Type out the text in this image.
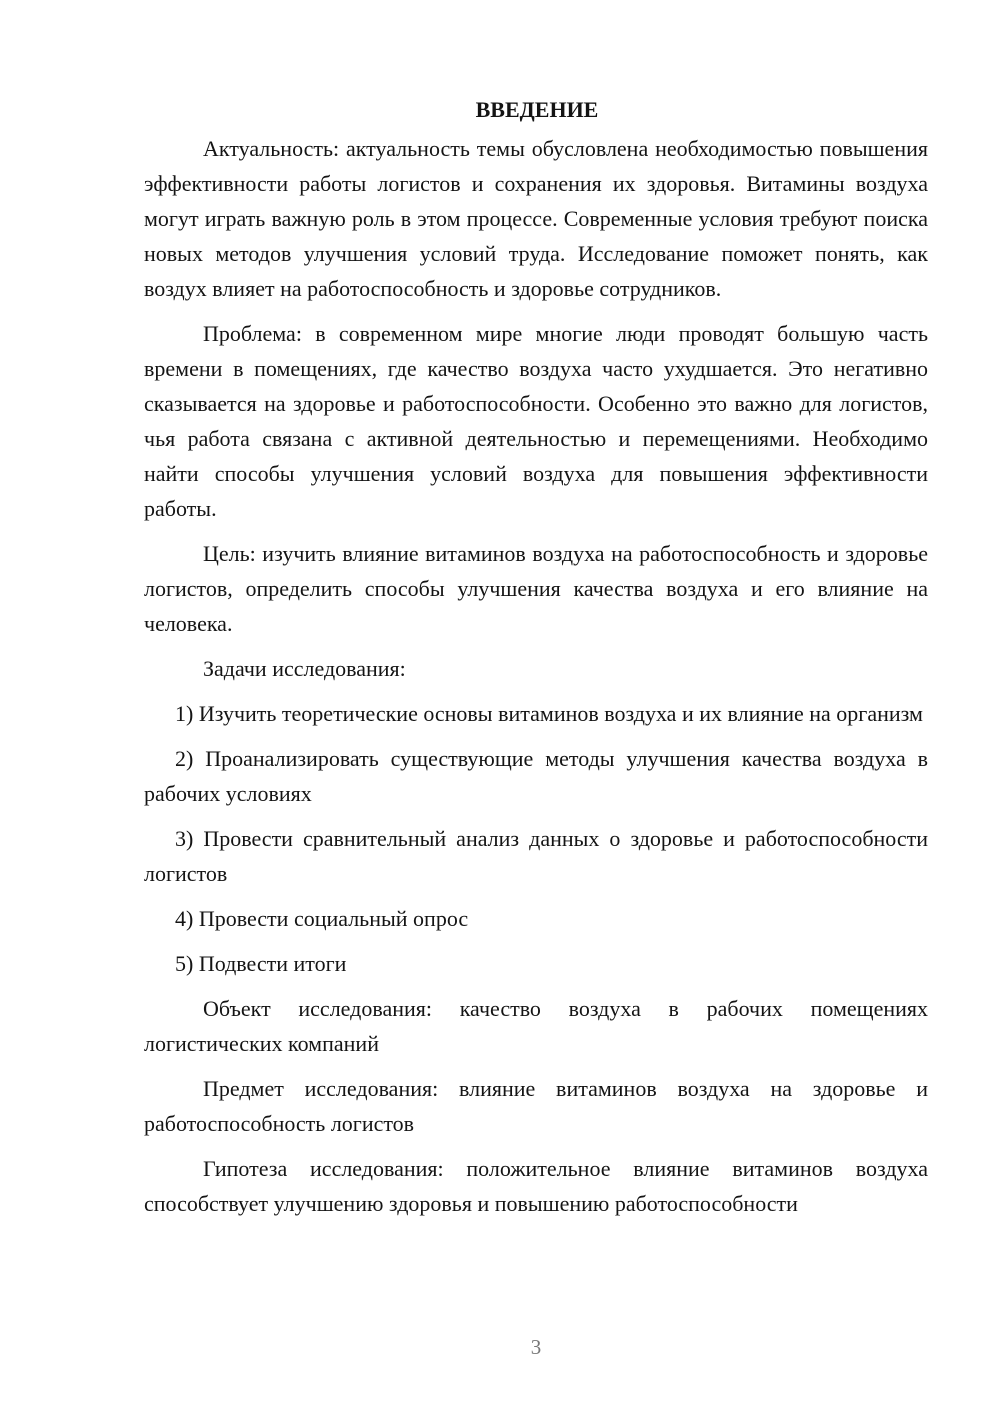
ВВЕДЕНИЕ

Актуальность: актуальность темы обусловлена необходимостью повышения эффективности работы логистов и сохранения их здоровья. Витамины воздуха могут играть важную роль в этом процессе. Современные условия требуют поиска новых методов улучшения условий труда. Исследование поможет понять, как воздух влияет на работоспособность и здоровье сотрудников.

Проблема: в современном мире многие люди проводят большую часть времени в помещениях, где качество воздуха часто ухудшается. Это негативно сказывается на здоровье и работоспособности. Особенно это важно для логистов, чья работа связана с активной деятельностью и перемещениями. Необходимо найти способы улучшения условий воздуха для повышения эффективности работы.

Цель: изучить влияние витаминов воздуха на работоспособность и здоровье логистов, определить способы улучшения качества воздуха и его влияние на человека.

Задачи исследования:

1) Изучить теоретические основы витаминов воздуха и их влияние на организм

2) Проанализировать существующие методы улучшения качества воздуха в рабочих условиях

3) Провести сравнительный анализ данных о здоровье и работоспособности логистов

4) Провести социальный опрос

5) Подвести итоги

Объект исследования: качество воздуха в рабочих помещениях логистических компаний

Предмет исследования: влияние витаминов воздуха на здоровье и работоспособность логистов

Гипотеза исследования: положительное влияние витаминов воздуха способствует улучшению здоровья и повышению работоспособности

3
